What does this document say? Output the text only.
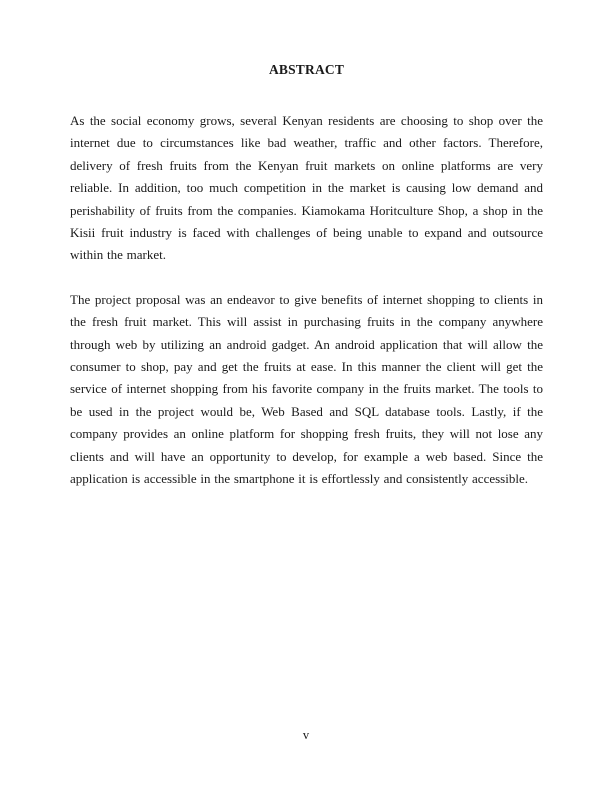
ABSTRACT

As the social economy grows, several Kenyan residents are choosing to shop over the internet due to circumstances like bad weather, traffic and other factors. Therefore, delivery of fresh fruits from the Kenyan fruit markets on online platforms are very reliable. In addition, too much competition in the market is causing low demand and perishability of fruits from the companies. Kiamokama Horitculture Shop, a shop in the Kisii fruit industry is faced with challenges of being unable to expand and outsource within the market.

The project proposal was an endeavor to give benefits of internet shopping to clients in the fresh fruit market. This will assist in purchasing fruits in the company anywhere through web by utilizing an android gadget. An android application that will allow the consumer to shop, pay and get the fruits at ease. In this manner the client will get the service of internet shopping from his favorite company in the fruits market. The tools to be used in the project would be, Web Based and SQL database tools. Lastly, if the company provides an online platform for shopping fresh fruits, they will not lose any clients and will have an opportunity to develop, for example a web based. Since the application is accessible in the smartphone it is effortlessly and consistently accessible.

v
